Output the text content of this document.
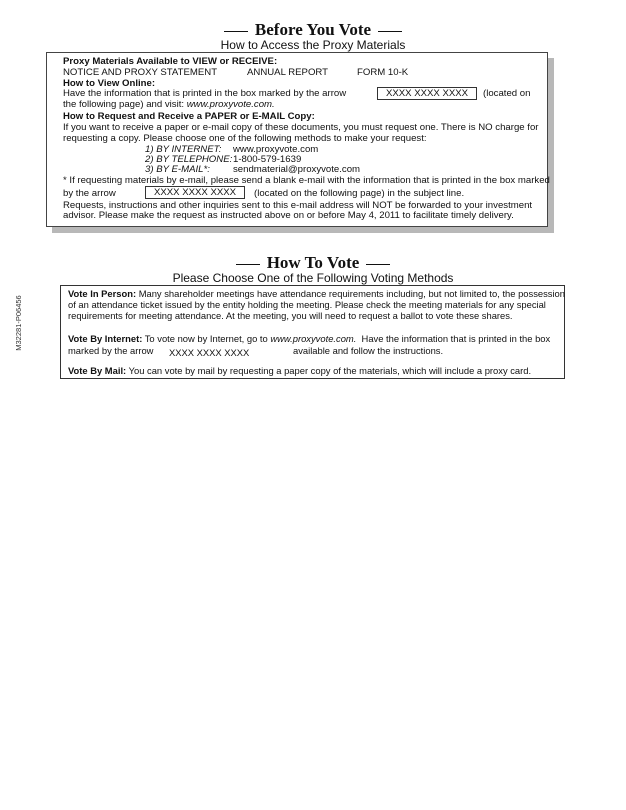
Before You Vote
How to Access the Proxy Materials
Proxy Materials Available to VIEW or RECEIVE:
NOTICE AND PROXY STATEMENT	ANNUAL REPORT	FORM 10-K
How to View Online:
Have the information that is printed in the box marked by the arrow	XXXX XXXX XXXX	(located on
the following page) and visit: www.proxyvote.com.
How to Request and Receive a PAPER or E-MAIL Copy:
If you want to receive a paper or e-mail copy of these documents, you must request one. There is NO charge for
requesting a copy. Please choose one of the following methods to make your request:
1) BY INTERNET: www.proxyvote.com
2) BY TELEPHONE: 1-800-579-1639
3) BY E-MAIL*: sendmaterial@proxyvote.com
* If requesting materials by e-mail, please send a blank e-mail with the information that is printed in the box marked
by the arrow	XXXX XXXX XXXX	(located on the following page) in the subject line.
Requests, instructions and other inquiries sent to this e-mail address will NOT be forwarded to your investment
advisor. Please make the request as instructed above on or before May 4, 2011 to facilitate timely delivery.
How To Vote
Please Choose One of the Following Voting Methods
Vote In Person: Many shareholder meetings have attendance requirements including, but not limited to, the possession
of an attendance ticket issued by the entity holding the meeting. Please check the meeting materials for any special
requirements for meeting attendance. At the meeting, you will need to request a ballot to vote these shares.
Vote By Internet: To vote now by Internet, go to www.proxyvote.com. Have the information that is printed in the box
marked by the arrow XXXX XXXX XXXX	available and follow the instructions.
Vote By Mail: You can vote by mail by requesting a paper copy of the materials, which will include a proxy card.
M32281-P06456
